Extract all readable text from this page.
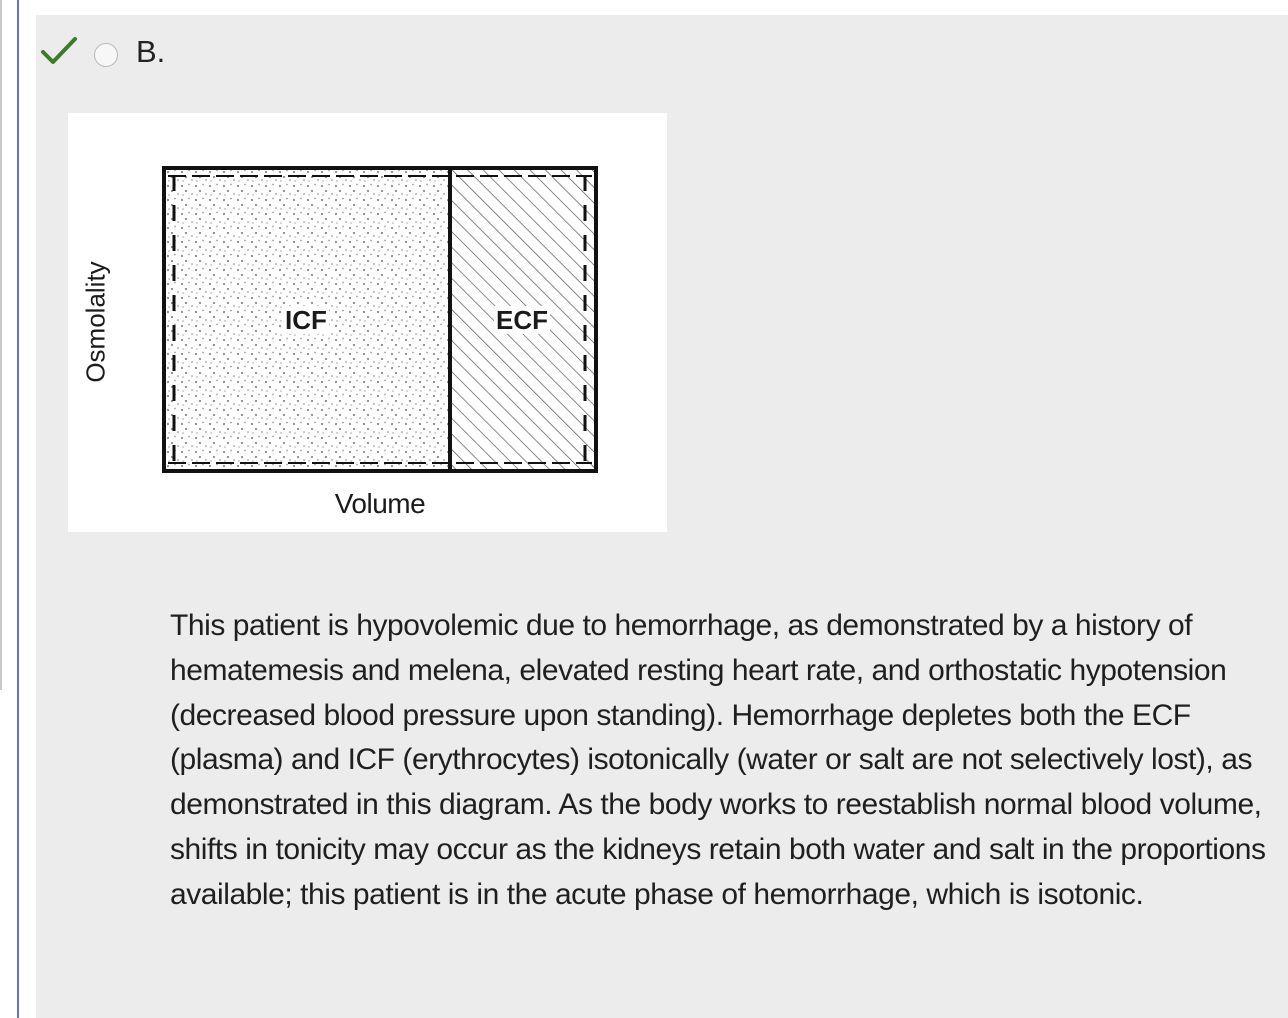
B.
Osmolality
Volume
ICF	ECF
This patient is hypovolemic due to hemorrhage, as demonstrated by a history of hematemesis and melena, elevated resting heart rate, and orthostatic hypotension (decreased blood pressure upon standing). Hemorrhage depletes both the ECF (plasma) and ICF (erythrocytes) isotonically (water or salt are not selectively lost), as demonstrated in this diagram. As the body works to reestablish normal blood volume, shifts in tonicity may occur as the kidneys retain both water and salt in the proportions available; this patient is in the acute phase of hemorrhage, which is isotonic.
